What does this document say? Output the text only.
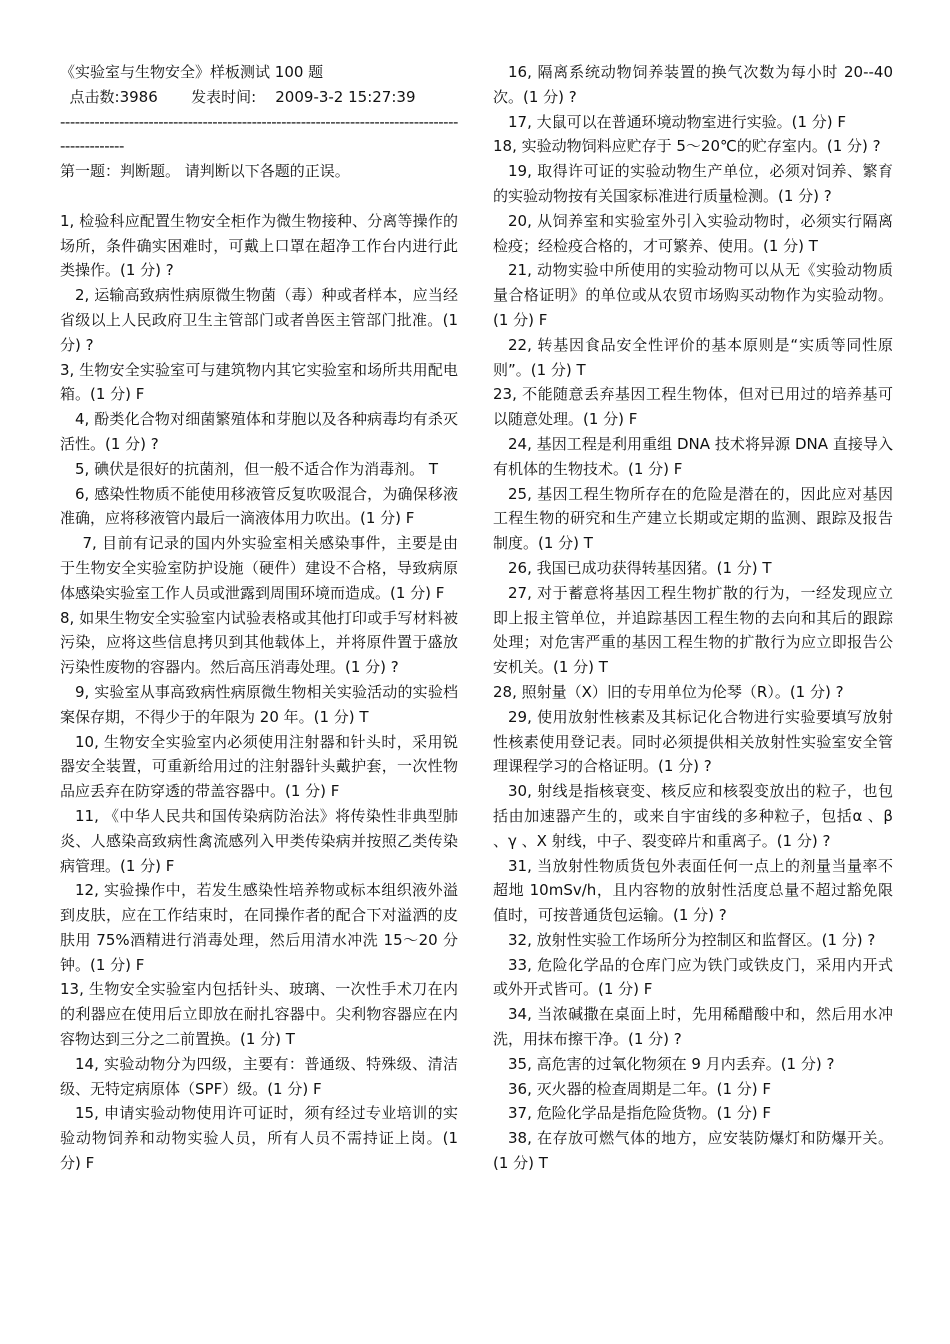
《实验室与生物安全》样板测试 100 题

点击数:3986       发表时间:    2009-3-2 15:27:39

----------------------------------------------------------------------------------------------

第一题：判断题。 请判断以下各题的正误。

1, 检验科应配置生物安全柜作为微生物接种、分离等操作的场所，条件确实困难时，可戴上口罩在超净工作台内进行此类操作。(1 分) ?

2, 运输高致病性病原微生物菌（毒）种或者样本，应当经省级以上人民政府卫生主管部门或者兽医主管部门批准。(1 分) ?

3, 生物安全实验室可与建筑物内其它实验室和场所共用配电箱。(1 分) F

4, 酚类化合物对细菌繁殖体和芽胞以及各种病毒均有杀灭活性。(1 分) ?

5, 碘伏是很好的抗菌剂，但一般不适合作为消毒剂。 T

6, 感染性物质不能使用移液管反复吹吸混合，为确保移液准确，应将移液管内最后一滴液体用力吹出。(1 分) F

7, 目前有记录的国内外实验室相关感染事件，主要是由于生物安全实验室防护设施（硬件）建设不合格，导致病原体感染实验室工作人员或泄露到周围环境而造成。(1 分) F

8, 如果生物安全实验室内试验表格或其他打印或手写材料被污染，应将这些信息拷贝到其他载体上，并将原件置于盛放污染性废物的容器内。然后高压消毒处理。(1 分) ?

9, 实验室从事高致病性病原微生物相关实验活动的实验档案保存期，不得少于的年限为 20 年。(1 分) T

10, 生物安全实验室内必须使用注射器和针头时，采用锐器安全装置，可重新给用过的注射器针头戴护套，一次性物品应丢弃在防穿透的带盖容器中。(1 分) F

11, 《中华人民共和国传染病防治法》将传染性非典型肺炎、人感染高致病性禽流感列入甲类传染病并按照乙类传染病管理。(1 分) F

12, 实验操作中，若发生感染性培养物或标本组织液外溢到皮肤，应在工作结束时，在同操作者的配合下对溢洒的皮肤用 75%酒精进行消毒处理，然后用清水冲洗 15～20 分钟。(1 分) F

13, 生物安全实验室内包括针头、玻璃、一次性手术刀在内的利器应在使用后立即放在耐扎容器中。尖利物容器应在内容物达到三分之二前置换。(1 分) T

14, 实验动物分为四级，主要有：普通级、特殊级、清洁级、无特定病原体（SPF）级。(1 分) F

15, 申请实验动物使用许可证时，须有经过专业培训的实验动物饲养和动物实验人员，所有人员不需持证上岗。(1 分) F

16, 隔离系统动物饲养装置的换气次数为每小时 20--40 次。(1 分) ?

17, 大鼠可以在普通环境动物室进行实验。(1 分) F

18, 实验动物饲料应贮存于 5～20℃的贮存室内。(1 分) ?

19, 取得许可证的实验动物生产单位，必须对饲养、繁育的实验动物按有关国家标准进行质量检测。(1 分) ?

20, 从饲养室和实验室外引入实验动物时，必须实行隔离检疫；经检疫合格的，才可繁养、使用。(1 分) T

21, 动物实验中所使用的实验动物可以从无《实验动物质量合格证明》的单位或从农贸市场购买动物作为实验动物。(1 分) F

22, 转基因食品安全性评价的基本原则是“实质等同性原则”。(1 分) T

23, 不能随意丢弃基因工程生物体，但对已用过的培养基可以随意处理。(1 分) F

24, 基因工程是利用重组 DNA 技术将异源 DNA 直接导入有机体的生物技术。(1 分) F

25, 基因工程生物所存在的危险是潜在的，因此应对基因工程生物的研究和生产建立长期或定期的监测、跟踪及报告制度。(1 分) T

26, 我国已成功获得转基因猪。(1 分) T

27, 对于蓄意将基因工程生物扩散的行为，一经发现应立即上报主管单位，并追踪基因工程生物的去向和其后的跟踪处理；对危害严重的基因工程生物的扩散行为应立即报告公安机关。(1 分) T

28, 照射量（X）旧的专用单位为伦琴（R）。(1 分) ?

29, 使用放射性核素及其标记化合物进行实验要填写放射性核素使用登记表。同时必须提供相关放射性实验室安全管理课程学习的合格证明。(1 分) ?

30, 射线是指核衰变、核反应和核裂变放出的粒子，也包括由加速器产生的，或来自宇宙线的多种粒子，包括α 、β 、γ 、X 射线，中子、裂变碎片和重离子。(1 分) ?

31, 当放射性物质货包外表面任何一点上的剂量当量率不超地 10mSv/h，且内容物的放射性活度总量不超过豁免限值时，可按普通货包运输。(1 分) ?

32, 放射性实验工作场所分为控制区和监督区。(1 分) ?

33, 危险化学品的仓库门应为铁门或铁皮门，采用内开式或外开式皆可。(1 分) F

34, 当浓碱撒在桌面上时，先用稀醋酸中和，然后用水冲洗，用抹布擦干净。(1 分) ?

35, 高危害的过氧化物须在 9 月内丢弃。(1 分) ?

36, 灭火器的检查周期是二年。(1 分) F

37, 危险化学品是指危险货物。(1 分) F

38, 在存放可燃气体的地方，应安装防爆灯和防爆开关。(1 分) T
